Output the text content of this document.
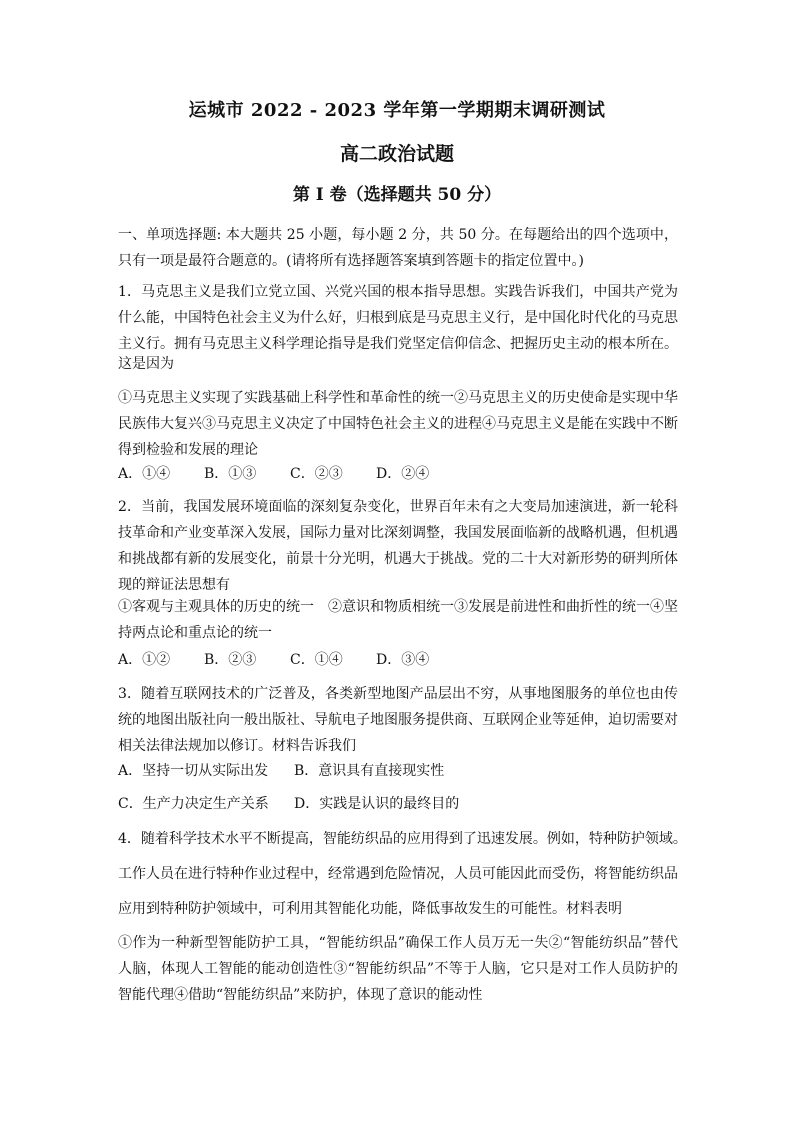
运城市 2022 - 2023 学年第一学期期末调研测试
高二政治试题
第 I 卷（选择题共 50 分）

一、单项选择题: 本大题共 25 小题，每小题 2 分，共 50 分。在每题给出的四个选项中，只有一项是最符合题意的。(请将所有选择题答案填到答题卡的指定位置中。)

1．马克思主义是我们立党立国、兴党兴国的根本指导思想。实践告诉我们，中国共产党为什么能，中国特色社会主义为什么好，归根到底是马克思主义行，是中国化时代化的马克思主义行。拥有马克思主义科学理论指导是我们党坚定信仰信念、把握历史主动的根本所在。

这是因为

①马克思主义实现了实践基础上科学性和革命性的统一②马克思主义的历史使命是实现中华民族伟大复兴③马克思主义决定了中国特色社会主义的进程④马克思主义是能在实践中不断得到检验和发展的理论

A．①④ B．①③ C．②③ D．②④

2．当前，我国发展环境面临的深刻复杂变化，世界百年未有之大变局加速演进，新一轮科技革命和产业变革深入发展，国际力量对比深刻调整，我国发展面临新的战略机遇，但机遇和挑战都有新的发展变化，前景十分光明，机遇大于挑战。党的二十大对新形势的研判所体现的辩证法思想有

①客观与主观具体的历史的统一　②意识和物质相统一③发展是前进性和曲折性的统一④坚持两点论和重点论的统一

A．①② B．②③ C．①④ D．③④

3．随着互联网技术的广泛普及，各类新型地图产品层出不穷，从事地图服务的单位也由传统的地图出版社向一般出版社、导航电子地图服务提供商、互联网企业等延伸，迫切需要对相关法律法规加以修订。材料告诉我们

A．坚持一切从实际出发 B．意识具有直接现实性
C．生产力决定生产关系 D．实践是认识的最终目的

4．随着科学技术水平不断提高，智能纺织品的应用得到了迅速发展。例如，特种防护领域。

工作人员在进行特种作业过程中，经常遇到危险情况，人员可能因此而受伤，将智能纺织品

应用到特种防护领域中，可利用其智能化功能，降低事故发生的可能性。材料表明

①作为一种新型智能防护工具，“智能纺织品”确保工作人员万无一失②“智能纺织品”替代人脑，体现人工智能的能动创造性③“智能纺织品”不等于人脑，它只是对工作人员防护的智能代理④借助“智能纺织品”来防护，体现了意识的能动性
